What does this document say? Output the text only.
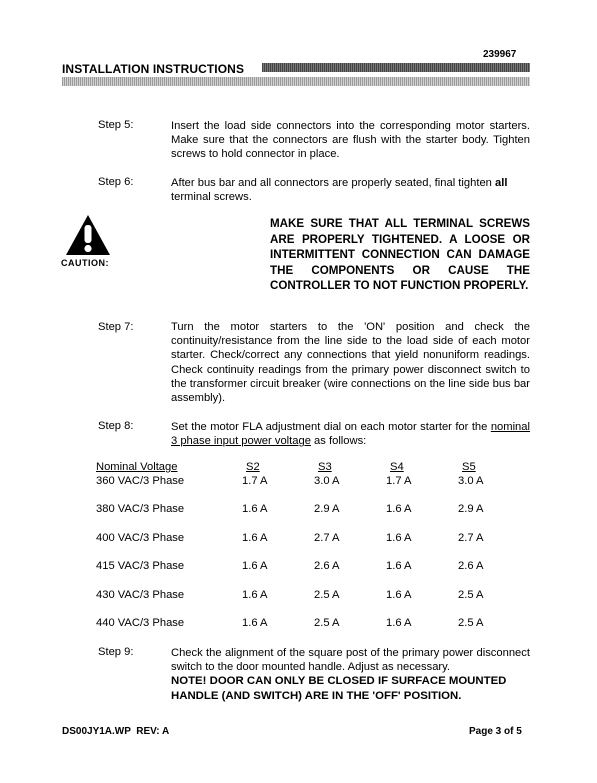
239967
INSTALLATION INSTRUCTIONS
Step 5:	Insert the load side connectors into the corresponding motor starters. Make sure that the connectors are flush with the starter body. Tighten screws to hold connector in place.
Step 6:	After bus bar and all connectors are properly seated, final tighten all terminal screws.
CAUTION:
MAKE SURE THAT ALL TERMINAL SCREWS ARE PROPERLY TIGHTENED. A LOOSE OR INTERMITTENT CONNECTION CAN DAMAGE THE COMPONENTS OR CAUSE THE CONTROLLER TO NOT FUNCTION PROPERLY.
Step 7:	Turn the motor starters to the 'ON' position and check the continuity/resistance from the line side to the load side of each motor starter. Check/correct any connections that yield nonuniform readings. Check continuity readings from the primary power disconnect switch to the transformer circuit breaker (wire connections on the line side bus bar assembly).
Step 8:	Set the motor FLA adjustment dial on each motor starter for the nominal 3 phase input power voltage as follows:
Nominal Voltage	S2	S3	S4	S5
360 VAC/3 Phase	1.7 A	3.0 A	1.7 A	3.0 A
380 VAC/3 Phase	1.6 A	2.9 A	1.6 A	2.9 A
400 VAC/3 Phase	1.6 A	2.7 A	1.6 A	2.7 A
415 VAC/3 Phase	1.6 A	2.6 A	1.6 A	2.6 A
430 VAC/3 Phase	1.6 A	2.5 A	1.6 A	2.5 A
440 VAC/3 Phase	1.6 A	2.5 A	1.6 A	2.5 A
Step 9:	Check the alignment of the square post of the primary power disconnect switch to the door mounted handle. Adjust as necessary.
NOTE! DOOR CAN ONLY BE CLOSED IF SURFACE MOUNTED HANDLE (AND SWITCH) ARE IN THE 'OFF' POSITION.
DS00JY1A.WP  REV: A	Page 3 of 5
